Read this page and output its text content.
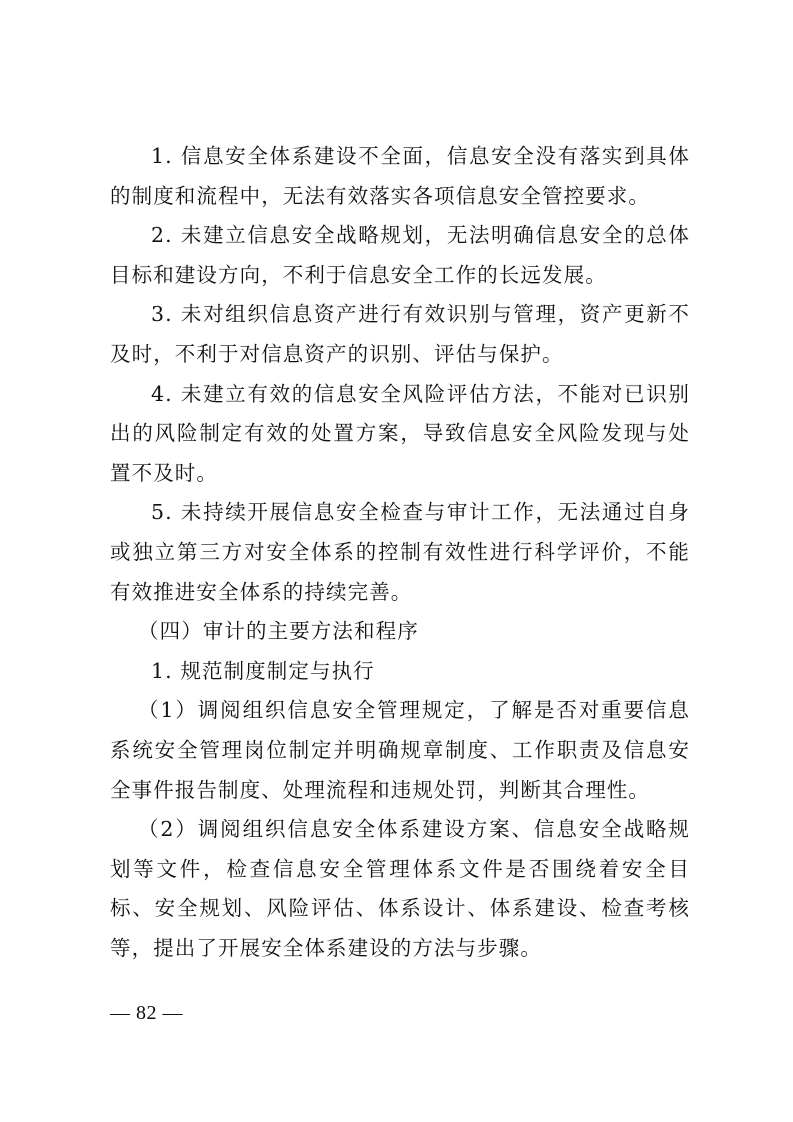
1. 信息安全体系建设不全面，信息安全没有落实到具体的制度和流程中，无法有效落实各项信息安全管控要求。

2. 未建立信息安全战略规划，无法明确信息安全的总体目标和建设方向，不利于信息安全工作的长远发展。

3. 未对组织信息资产进行有效识别与管理，资产更新不及时，不利于对信息资产的识别、评估与保护。

4. 未建立有效的信息安全风险评估方法，不能对已识别出的风险制定有效的处置方案，导致信息安全风险发现与处置不及时。

5. 未持续开展信息安全检查与审计工作，无法通过自身或独立第三方对安全体系的控制有效性进行科学评价，不能有效推进安全体系的持续完善。

（四）审计的主要方法和程序

1. 规范制度制定与执行

（1）调阅组织信息安全管理规定，了解是否对重要信息系统安全管理岗位制定并明确规章制度、工作职责及信息安全事件报告制度、处理流程和违规处罚，判断其合理性。

（2）调阅组织信息安全体系建设方案、信息安全战略规划等文件，检查信息安全管理体系文件是否围绕着安全目标、安全规划、风险评估、体系设计、体系建设、检查考核等，提出了开展安全体系建设的方法与步骤。

— 82 —
